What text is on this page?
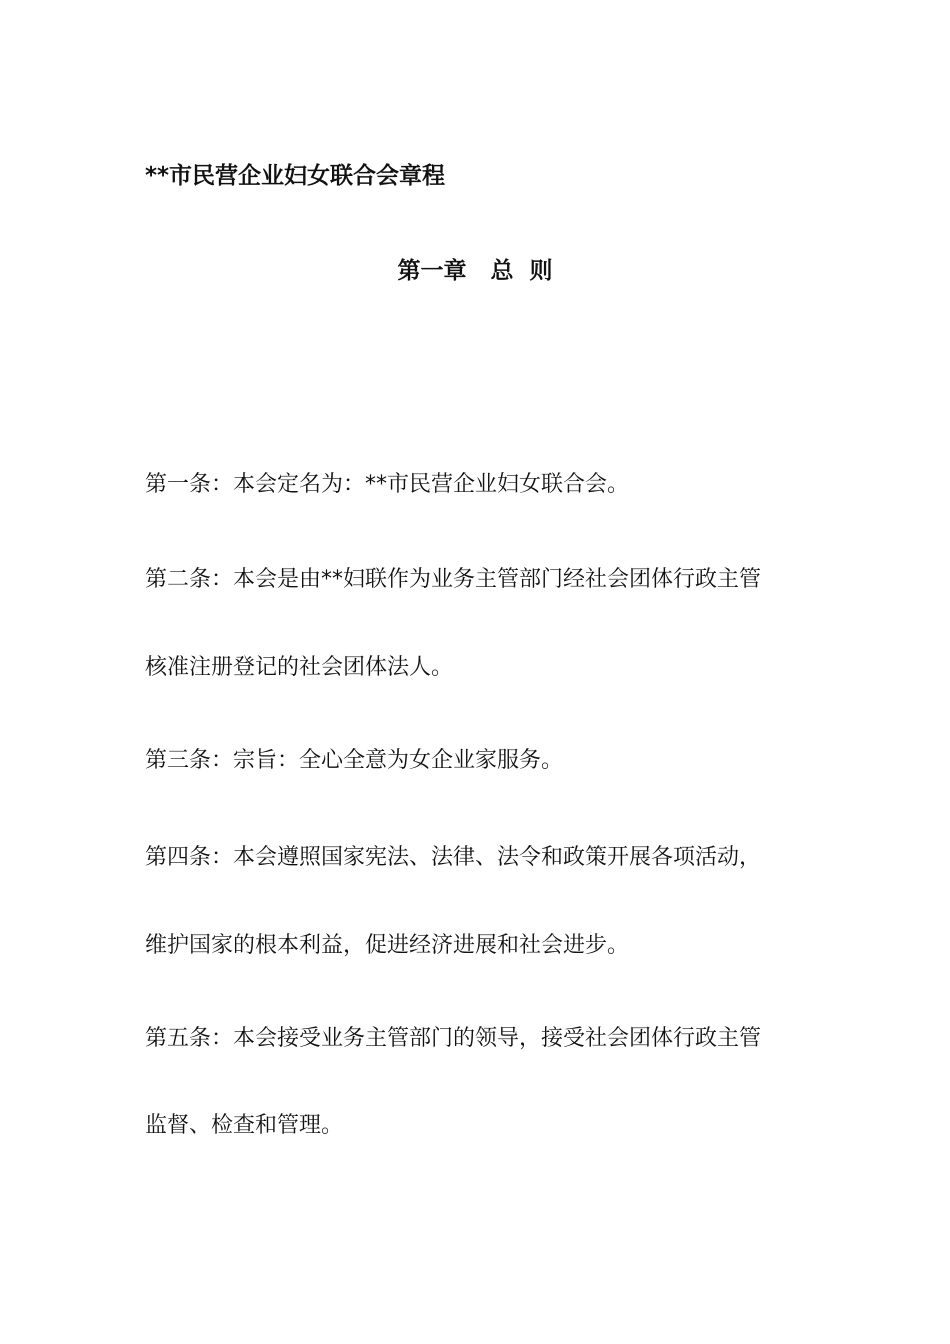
**市民营企业妇女联合会章程
第一章   总  则
第一条：本会定名为：**市民营企业妇女联合会。
第二条：本会是由**妇联作为业务主管部门经社会团体行政主管
核准注册登记的社会团体法人。
第三条：宗旨：全心全意为女企业家服务。
第四条：本会遵照国家宪法、法律、法令和政策开展各项活动，
维护国家的根本利益，促进经济进展和社会进步。
第五条：本会接受业务主管部门的领导，接受社会团体行政主管
监督、检查和管理。
